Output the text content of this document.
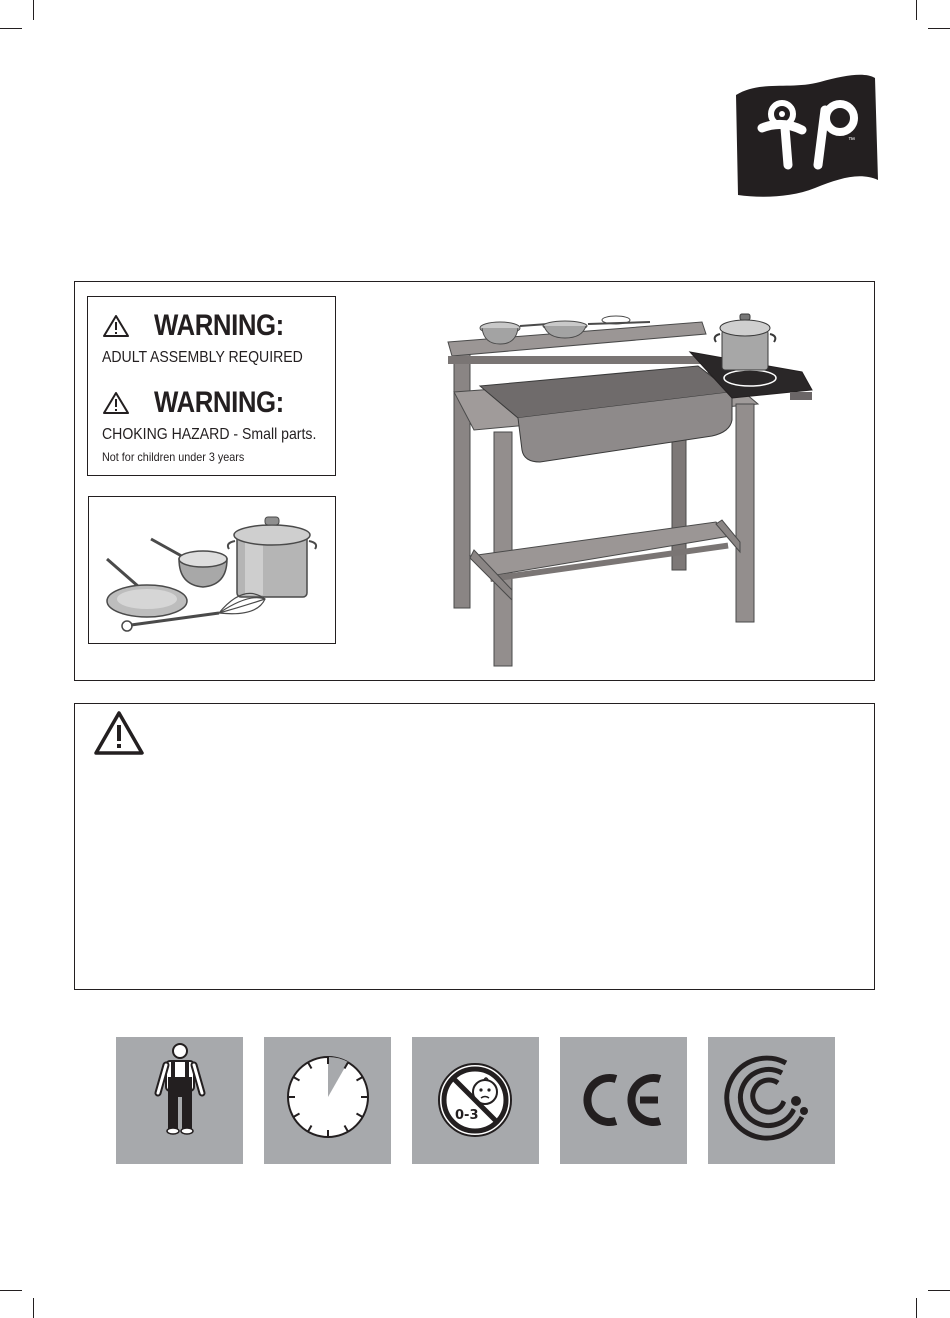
™
WARNING:
ADULT ASSEMBLY REQUIRED
WARNING:
CHOKING HAZARD - Small parts.
Not for children under 3 years
0-3
